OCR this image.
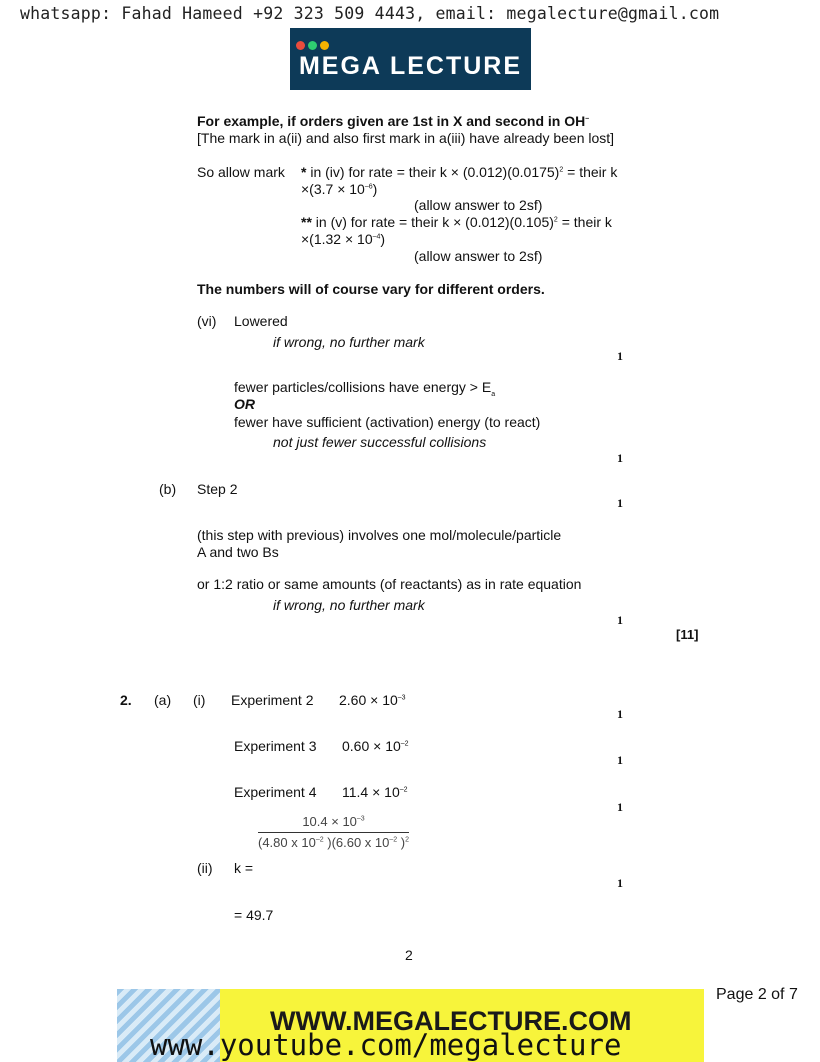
whatsapp: Fahad Hameed +92 323 509 4443, email: megalecture@gmail.com
MEGA LECTURE
For example, if orders given are 1st in X and second in OH–
[The mark in a(ii) and also first mark in a(iii) have already been lost]
So allow mark * in (iv) for rate = their $k \times (0.012)(0.0175)^2$ = their k
$\times(3.7 \times 10^{-6})$
(allow answer to 2sf)
** in (v) for rate = their $k \times (0.012)(0.105)^2$ = their k
$\times(1.32 \times 10^{-4})$
(allow answer to 2sf)
The numbers will of course vary for different orders.
(vi) Lowered
if wrong, no further mark
1
fewer particles/collisions have energy > $E_a$
OR
fewer have sufficient (activation) energy (to react)
not just fewer successful collisions
1
(b) Step 2
1
(this step with previous) involves one mol/molecule/particle
A and two Bs
or 1:2 ratio or same amounts (of reactants) as in rate equation
if wrong, no further mark
1
[11]
2. (a) (i) Experiment 2 $2.60 \times 10^{-3}$
1
Experiment 3 $0.60 \times 10^{-2}$
1
Experiment 4 $11.4 \times 10^{-2}$
1
$\frac{10.4 \times 10^{-3}}{(4.80 x 10^{-2} )(6.60 x 10^{-2} )^2}$
(ii) k =
1
= 49.7
2
WWW.MEGALECTURE.COM
www.youtube.com/megalecture
Page 2 of 7
